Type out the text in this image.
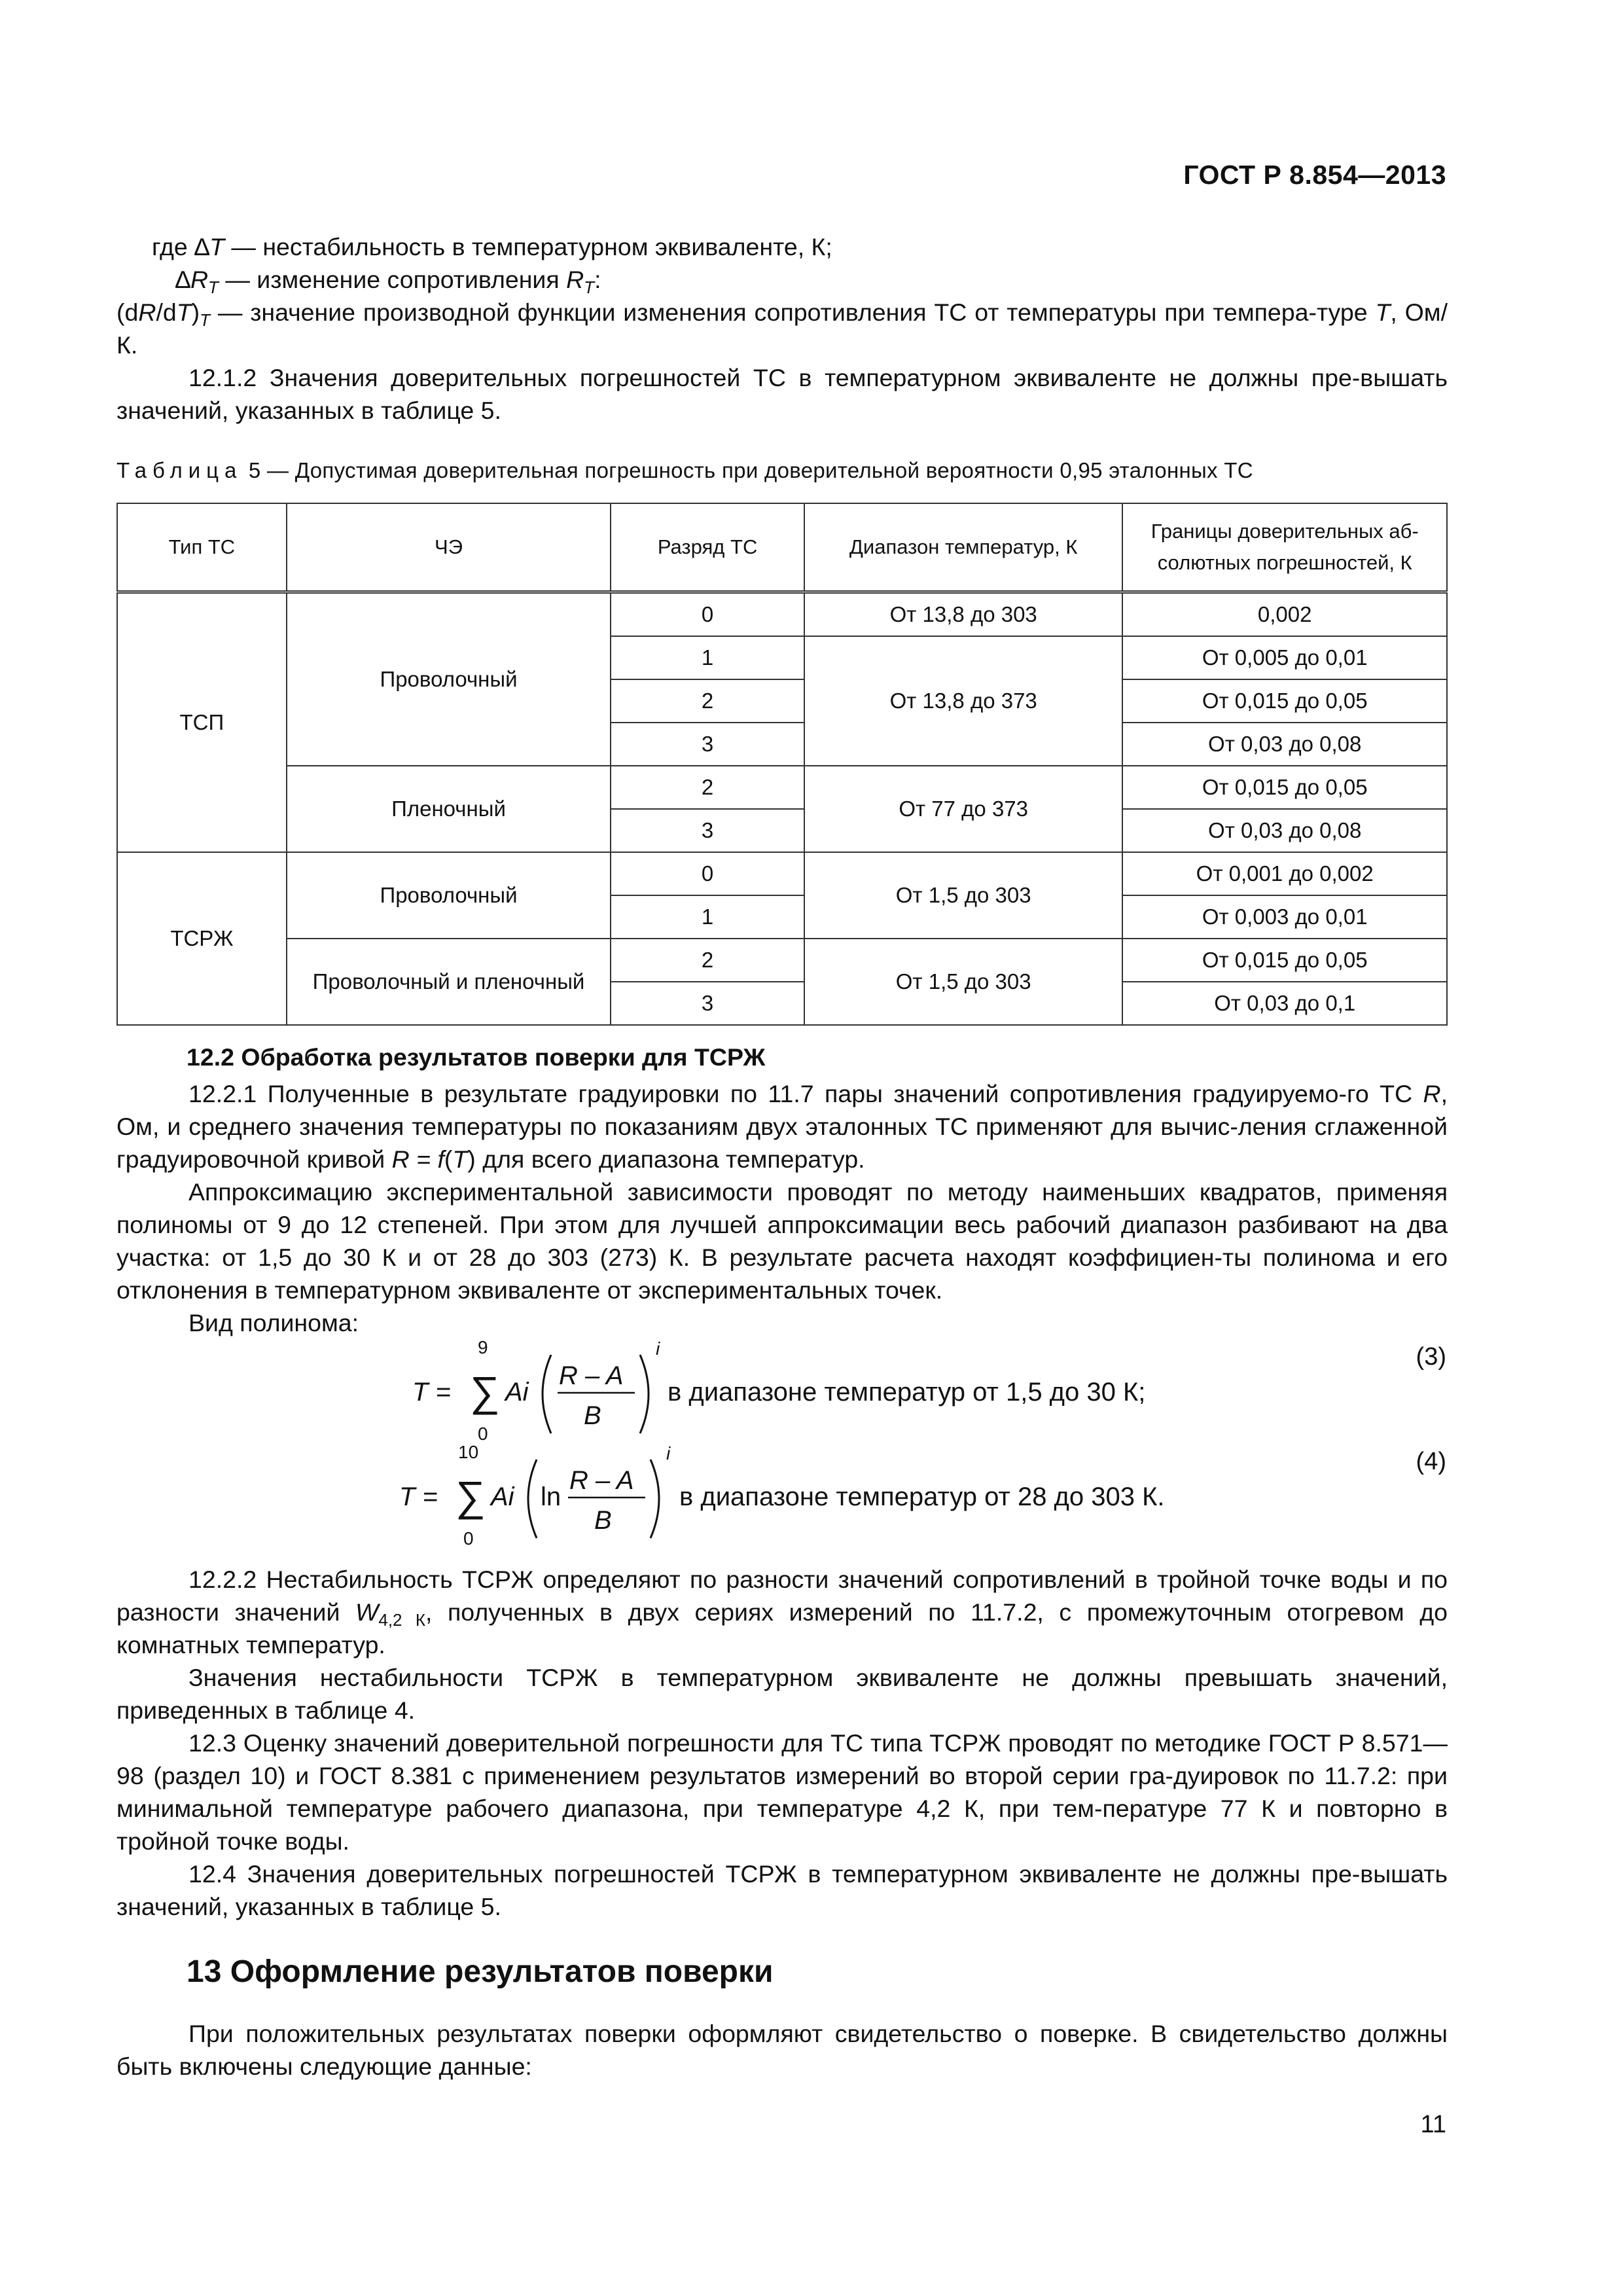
ГОСТ Р 8.854—2013

где ∆T — нестабильность в температурном эквиваленте, К;

$\Delta R_T$ — изменение сопротивления $R_T$:

$(dR/dT)_T$ — значение производной функции изменения сопротивления ТС от температуры при темпера-туре T, Ом/К.

12.1.2 Значения доверительных погрешностей ТС в температурном эквиваленте не должны пре-вышать значений, указанных в таблице 5.

Таблица 5 — Допустимая доверительная погрешность при доверительной вероятности 0,95 эталонных ТС
Тип ТС	ЧЭ	Разряд ТС	Диапазон температур, К	Границы доверительных аб-солютных погрешностей, К
ТСП	Проволочный	0	От 13,8 до 303	0,002
		1	От 13,8 до 373	От 0,005 до 0,01
		2		От 0,015 до 0,05
		3		От 0,03 до 0,08
	Пленочный	2	От 77 до 373	От 0,015 до 0,05
		3		От 0,03 до 0,08
ТСРЖ	Проволочный	0	От 1,5 до 303	От 0,001 до 0,002
		1		От 0,003 до 0,01
	Проволочный и пленочный	2	От 1,5 до 303	От 0,015 до 0,05
		3		От 0,03 до 0,1
12.2 Обработка результатов поверки для ТСРЖ

12.2.1 Полученные в результате градуировки по 11.7 пары значений сопротивления градуируемо-го ТС R, Ом, и среднего значения температуры по показаниям двух эталонных ТС применяют для вычис-ления сглаженной градуировочной кривой R = f(T) для всего диапазона температур.

Аппроксимацию экспериментальной зависимости проводят по методу наименьших квадратов, применяя полиномы от 9 до 12 степеней. При этом для лучшей аппроксимации весь рабочий диапазон разбивают на два участка: от 1,5 до 30 К и от 28 до 303 (273) К. В результате расчета находят коэффициен-ты полинома и его отклонения в температурном эквиваленте от экспериментальных точек.

Вид полинома:

T =
9
∑
0
Ai
R – A
B
i
в диапазоне температур от 1,5 до 30 К;
(3)
T =
10
∑
0
Ai ln
R – A
B
i
в диапазоне температур от 28 до 303 К.
(4)

12.2.2 Нестабильность ТСРЖ определяют по разности значений сопротивлений в тройной точке воды и по разности значений $W_{4,2 К}$, полученных в двух сериях измерений по 11.7.2, с промежуточным отогревом до комнатных температур.

Значения нестабильности ТСРЖ в температурном эквиваленте не должны превышать значений, приведенных в таблице 4.

12.3 Оценку значений доверительной погрешности для ТС типа ТСРЖ проводят по методике ГОСТ Р 8.571—98 (раздел 10) и ГОСТ 8.381 с применением результатов измерений во второй серии гра-дуировок по 11.7.2: при минимальной температуре рабочего диапазона, при температуре 4,2 К, при тем-пературе 77 К и повторно в тройной точке воды.

12.4 Значения доверительных погрешностей ТСРЖ в температурном эквиваленте не должны пре-вышать значений, указанных в таблице 5.

13 Оформление результатов поверки

При положительных результатах поверки оформляют свидетельство о поверке. В свидетельство должны быть включены следующие данные:

11
